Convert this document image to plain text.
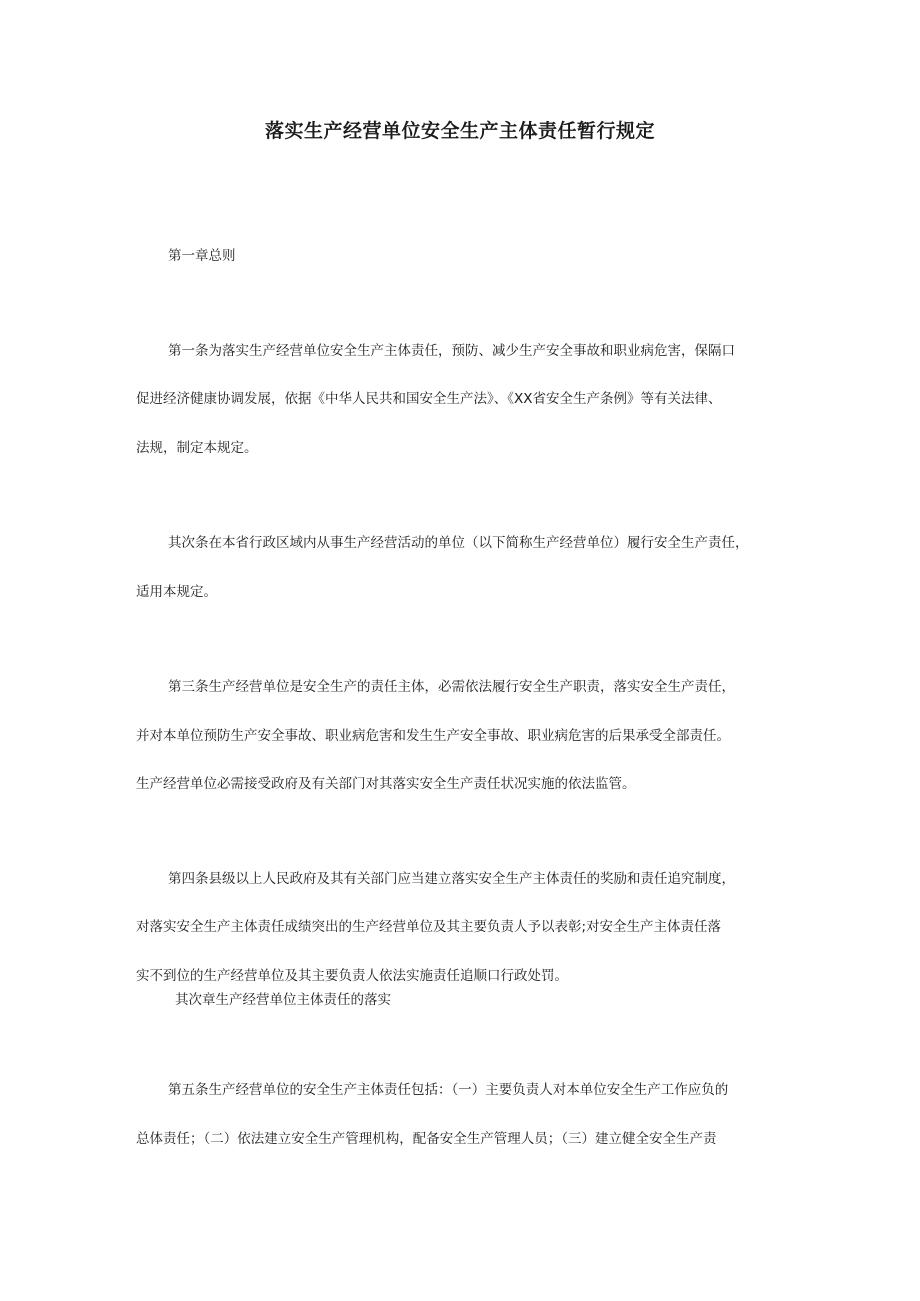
落实生产经营单位安全生产主体责任暂行规定

第一章总则

第一条为落实生产经营单位安全生产主体责任，预防、减少生产安全事故和职业病危害，保隔口

促进经济健康协调发展，依据《中华人民共和国安全生产法》、《XX省安全生产条例》等有关法律、

法规，制定本规定。

其次条在本省行政区域内从事生产经营活动的单位（以下简称生产经营单位）履行安全生产责任，

适用本规定。

第三条生产经营单位是安全生产的责任主体，必需依法履行安全生产职责，落实安全生产责任，

并对本单位预防生产安全事故、职业病危害和发生生产安全事故、职业病危害的后果承受全部责任。

生产经营单位必需接受政府及有关部门对其落实安全生产责任状况实施的依法监管。

第四条县级以上人民政府及其有关部门应当建立落实安全生产主体责任的奖励和责任追究制度，

对落实安全生产主体责任成绩突出的生产经营单位及其主要负责人予以表彰;对安全生产主体责任落

实不到位的生产经营单位及其主要负责人依法实施责任追顺口行政处罚。

其次章生产经营单位主体责任的落实

第五条生产经营单位的安全生产主体责任包括：（一）主要负责人对本单位安全生产工作应负的

总体责任；（二）依法建立安全生产管理机构，配备安全生产管理人员；（三）建立健全安全生产责
